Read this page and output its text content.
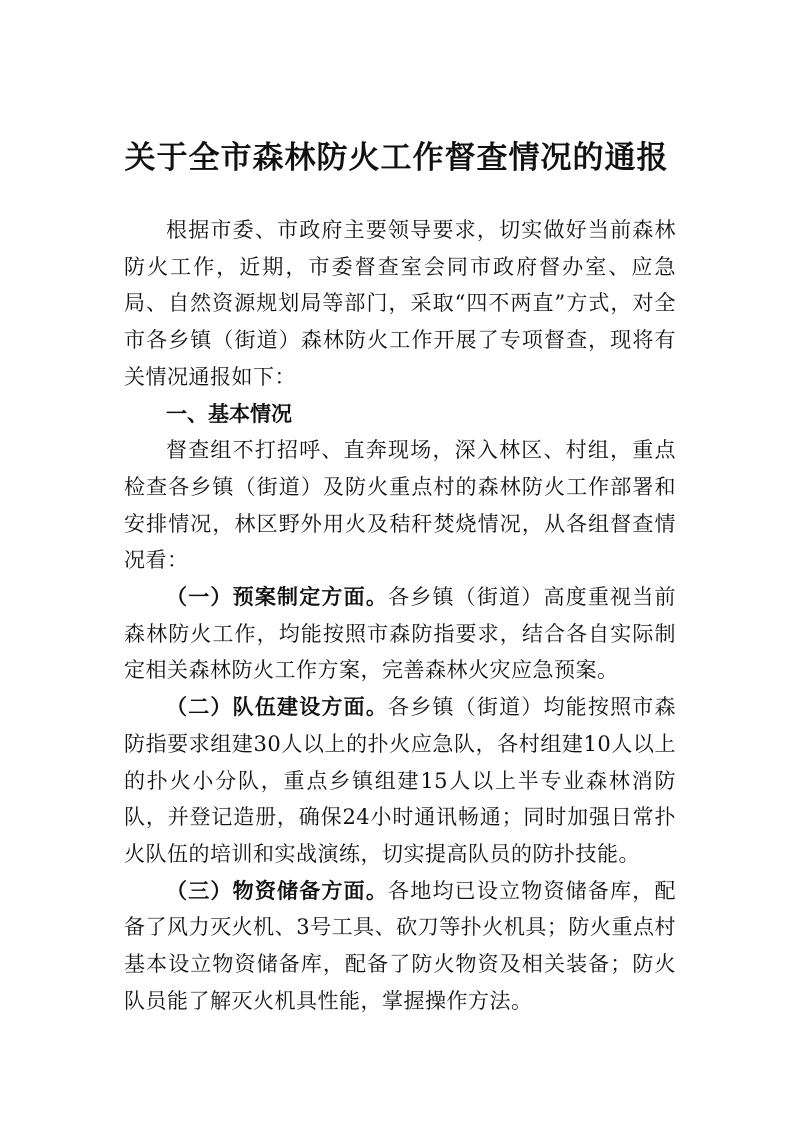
关于全市森林防火工作督查情况的通报

根据市委、市政府主要领导要求，切实做好当前森林防火工作，近期，市委督查室会同市政府督办室、应急局、自然资源规划局等部门，采取“四不两直”方式，对全市各乡镇（街道）森林防火工作开展了专项督查，现将有关情况通报如下：

一、基本情况

督查组不打招呼、直奔现场，深入林区、村组，重点检查各乡镇（街道）及防火重点村的森林防火工作部署和安排情况，林区野外用火及秸秆焚烧情况，从各组督查情况看：

（一）预案制定方面。各乡镇（街道）高度重视当前森林防火工作，均能按照市森防指要求，结合各自实际制定相关森林防火工作方案，完善森林火灾应急预案。

（二）队伍建设方面。各乡镇（街道）均能按照市森防指要求组建30人以上的扑火应急队，各村组建10人以上的扑火小分队，重点乡镇组建15人以上半专业森林消防队，并登记造册，确保24小时通讯畅通；同时加强日常扑火队伍的培训和实战演练，切实提高队员的防扑技能。

（三）物资储备方面。各地均已设立物资储备库，配备了风力灭火机、3号工具、砍刀等扑火机具；防火重点村基本设立物资储备库，配备了防火物资及相关装备；防火队员能了解灭火机具性能，掌握操作方法。
